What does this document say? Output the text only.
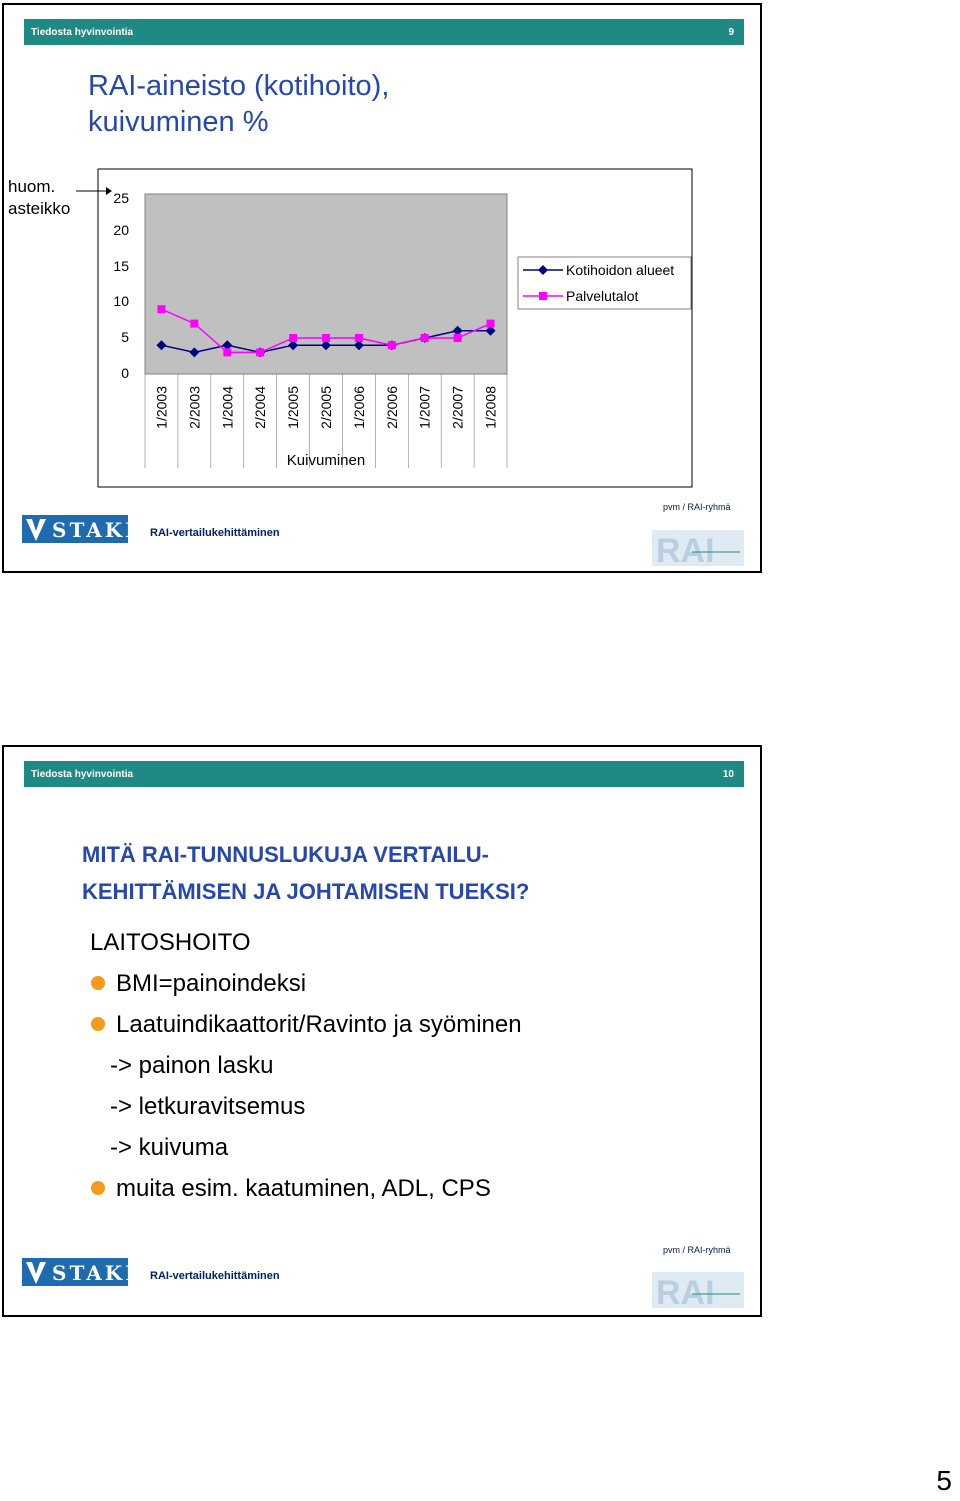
Tiedosta hyvinvointia	9
RAI-aineisto (kotihoito),
kuivuminen %
huom.
asteikko
25
20
15
10
5
0
1/2003 2/2003 1/2004 2/2004 1/2005 2/2005 1/2006 2/2006 1/2007 2/2007 1/2008
Kuivuminen
Kotihoidon alueet
Palvelutalot
STAKES
RAI-vertailukehittäminen
pvm / RAI-ryhmä
RAI
Tiedosta hyvinvointia	10
MITÄ RAI-TUNNUSLUKUJA VERTAILU-
KEHITTÄMISEN JA JOHTAMISEN TUEKSI?
LAITOSHOITO
BMI=painoindeksi
Laatuindikaattorit/Ravinto ja syöminen
-> painon lasku
-> letkuravitsemus
-> kuivuma
muita esim. kaatuminen, ADL, CPS
STAKES
RAI-vertailukehittäminen
pvm / RAI-ryhmä
RAI
5
